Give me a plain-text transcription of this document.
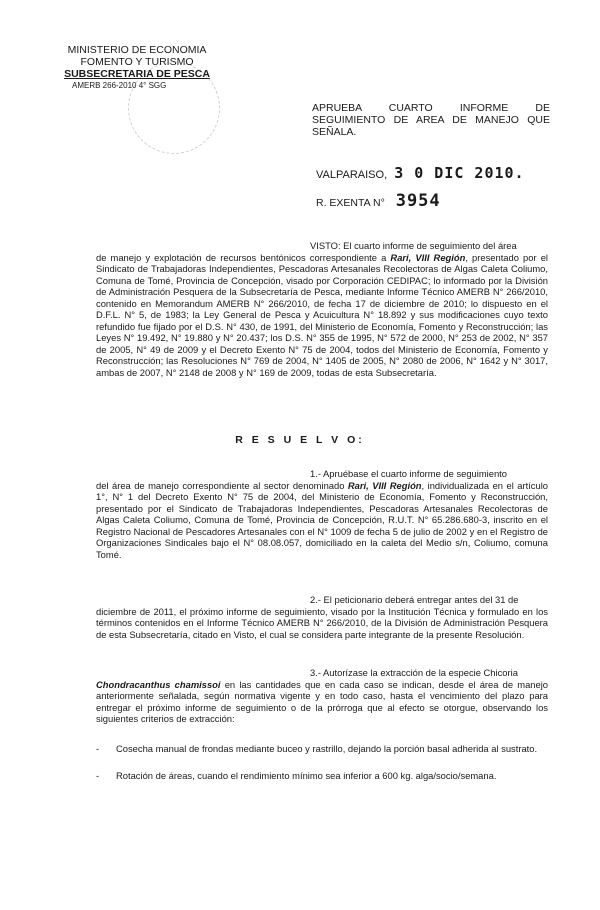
MINISTERIO DE ECONOMIA
FOMENTO Y TURISMO
SUBSECRETARIA DE PESCA
AMERB 266-2010 4° SGG
APRUEBA CUARTO INFORME DE SEGUIMIENTO DE AREA DE MANEJO QUE SEÑALA.
VALPARAISO, 3 0 DIC 2010.
R. EXENTA N° 3954
VISTO: El cuarto informe de seguimiento del área
de manejo y explotación de recursos bentónicos correspondiente a Rari, VIII Región, presentado por el Sindicato de Trabajadoras Independientes, Pescadoras Artesanales Recolectoras de Algas Caleta Coliumo, Comuna de Tomé, Provincia de Concepción, visado por Corporación CEDIPAC; lo informado por la División de Administración Pesquera de la Subsecretaría de Pesca, mediante Informe Técnico AMERB N° 266/2010, contenido en Memorandum AMERB N° 266/2010, de fecha 17 de diciembre de 2010; lo dispuesto en el D.F.L. N° 5, de 1983; la Ley General de Pesca y Acuicultura N° 18.892 y sus modificaciones cuyo texto refundido fue fijado por el D.S. N° 430, de 1991, del Ministerio de Economía, Fomento y Reconstrucción; las Leyes N° 19.492, N° 19.880 y N° 20.437; los D.S. N° 355 de 1995, N° 572 de 2000, N° 253 de 2002, N° 357 de 2005, N° 49 de 2009 y el Decreto Exento N° 75 de 2004, todos del Ministerio de Economía, Fomento y Reconstrucción; las Resoluciones N° 769 de 2004, N° 1405 de 2005, N° 2080 de 2006, N° 1642 y N° 3017, ambas de 2007, N° 2148 de 2008 y N° 169 de 2009, todas de esta Subsecretaría.
R E S U E L V O:
1.- Apruébase el cuarto informe de seguimiento
del área de manejo correspondiente al sector denominado Rari, VIII Región, individualizada en el artículo 1°, N° 1 del Decreto Exento N° 75 de 2004, del Ministerio de Economía, Fomento y Reconstrucción, presentado por el Sindicato de Trabajadoras Independientes, Pescadoras Artesanales Recolectoras de Algas Caleta Coliumo, Comuna de Tomé, Provincia de Concepción, R.U.T. N° 65.286.680-3, inscrito en el Registro Nacional de Pescadores Artesanales con el N° 1009 de fecha 5 de julio de 2002 y en el Registro de Organizaciones Sindicales bajo el N° 08.08.057, domiciliado en la caleta del Medio s/n, Coliumo, comuna Tomé.
2.- El peticionario deberá entregar antes del 31 de
diciembre de 2011, el próximo informe de seguimiento, visado por la Institución Técnica y formulado en los términos contenidos en el Informe Técnico AMERB N° 266/2010, de la División de Administración Pesquera de esta Subsecretaría, citado en Visto, el cual se considera parte integrante de la presente Resolución.
3.- Autorízase la extracción de la especie Chicoria
Chondracanthus chamissoi en las cantidades que en cada caso se indican, desde el área de manejo anteriormente señalada, según normativa vigente y en todo caso, hasta el vencimiento del plazo para entregar el próximo informe de seguimiento o de la prórroga que al efecto se otorgue, observando los siguientes criterios de extracción:
-	Cosecha manual de frondas mediante buceo y rastrillo, dejando la porción basal adherida al sustrato.
-	Rotación de áreas, cuando el rendimiento mínimo sea inferior a 600 kg. alga/socio/semana.
